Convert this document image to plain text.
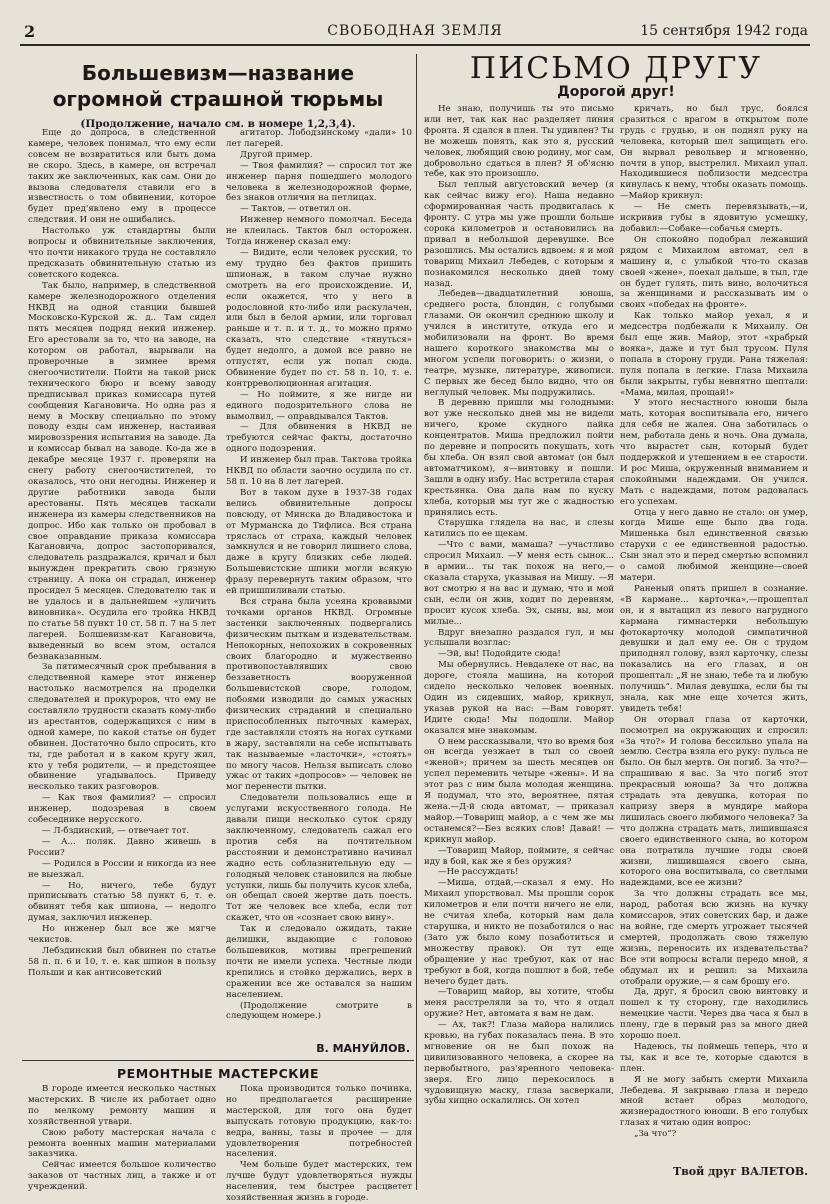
2	СВОБОДНАЯ ЗЕМЛЯ	15 сентября 1942 года
Большевизм—название огромной страшной тюрьмы
(Продолжение, начало см. в номере 1,2,3,4).

Еще до допроса, в следственной камере, человек понимал, что ему если совсем не возвратиться или быть дома не скоро. Здесь, в камере, он встречал таких же заключенных, как сам. Они до вызова следователя ставили его в известность о том обвинении, которое будет пред'явлено ему в процессе следствия. И они не ошибались.

Настолько уж стандартны были вопросы и обвинительные заключения, что почти никакого труда не составляло предсказать обвинительную статью из советского кодекса.

Так было, например, в следственной камере железнодорожного отделения НКВД на одной станции бывшей Московско-Курской ж. д.. Там сидел пять месяцев подряд некий инженер. Его арестовали за то, что на заводе, на котором он работал, вырывали на проверочные в зимнее время снегоочистители. Пойти на такой риск технического бюро и всему заводу предписывал приказ комиссара путей сообщения Кагановича. Но одна раз я нему в Москву специально по этому поводу езды сам инженер, настаивая мировоззрения испытания на заводе. Да и комиссар бывал на заводе. Ко-да же в декабре месяце 1937 г. проверяли на снегу работу снегоочистителей, то оказалось, что они негодны. Инженер и другие работники завода были арестованы. Пять месяцев таскали инженера из камеры следственников на допрос. Ибо как только он пробовал в свое оправдание приказа комиссара Кагановича, допрос застопоривался, следователь раздражался, кричал и был вынужден прекратить свою грязную страницу. А пока он страдал, инженер просидел 5 месяцев. Следователю так и не удалось и в дальнейшем «уличить виновника». Осудила его тройка НКВД по статье 58 пункт 10 ст. 58 п. 7 на 5 лет лагерей. Болшевизм-кат Кагановича, выведенный во всем этом, остался безнаказанным.

За пятимесячный срок пребывания в следственной камере этот инженер настолько насмотрелся на проделки следователей и прокуроров, что ему не составляло трудности сказать кому-либо из арестантов, содержащихся с ним в одной камере, по какой статье он будет обвинен. Достаточно было спросить, кто ты, где работал и в каком кругу жил, кто у тебя родители, — и предстоящее обвинение угадывалось. Приведу несколько таких разговоров.

— Как твоя фамилия? — спросил инженер, подозревая в своем собеседнике нерусского.

— Л-бздинский, — отвечает тот.

— А... поляк. Давно живешь в России?

— Родился в России и никогда из нее не выезжал.

— Но, ничего, тебе будут приписывать статью 58 пункт 6, т. е. обвинят тебя как шпиона, — недолго думая, заключил инженер.

Но инженер был все же мягче чекистов.

Лебздинский был обвинен по статье 58 п. п. 6 и 10, т. е. как шпион в пользу Польши и как антисоветский

агитатор. Лободзинскому «дали» 10 лет лагерей.

Другой пример.

— Твоя фамилия? — спросил тот же инженер парня пошедшего молодого человека в железнодорожной форме, без знаков отличия на петлицах.

— Тактов, — ответил он.

Инженер немного помолчал. Беседа не клеилась. Тактов был осторожен. Тогда инженер сказал ему:

— Видите, если человек русский, то ему трудно без фактов пришить шпионаж, в таком случае нужно смотреть на его происхождение. И, если окажется, что у него в родословной кто-либо или раскулачен, или был в белой армии, или торговал раньше и т. п. и т. д., то можно прямо сказать, что следствие «тянуться» будет недолго, а домой все равно не отпустят, если уж попал сюда. Обвинение будет по ст. 58 п. 10, т. е. контрреволюционная агитация.

— Но поймите, я же нигде ни единого подозрительного слова не вымолвил, — оправдывался Тактов.

— Для обвинения в НКВД не требуются сейчас факты, достаточно одного подозрения.

И инженер был прав. Тактова тройка НКВД по области заочно осудила по ст. 58 п. 10 на 8 лет лагерей.

Вот в таком духе в 1937-38 годах велись обвинительные допросы повсюду, от Минска до Владивостока и от Мурманска до Тифлиса. Вся страна тряслась от страха, каждый человек замкнулся и не говорил лишнего слова, даже в кругу близких себе людей. Большевистские шпики могли всякую фразу перевернуть таким образом, что ей пришпиливали статью.

Вся страна была усеяна кровавыми точками органов НКВД. Огромные застенки заключенных подвергались физическим пыткам и издевательствам. Непокорных, непохожих в сокровенных своих благородно и мужественно противопоставлявших свою беззаветность вооруженной большевистской своре, голодом, побоями изводили до самых ужасных физических страданий и специально приспособленных пыточных камерах, где заставляли стоять на ногах сутками в жару, заставляли на себе испытывать так называемые «ласточки», «стоять» по многу часов. Нельзя выписать слово ужас от таких «допросов» — человек не мог перенести пытки.

Следователи пользовались еще и услугами искусственного голода. Не давали пищи несколько суток сряду заключенному, следователь сажал его против себя на почтительном расстоянии и демонстративно начинал жадно есть соблазнительную еду — голодный человек становился на любые уступки, лишь бы получить кусок хлеба, он обещал своей жертве дать поесть. Тот же человек все хлеба, если тот скажет, что он «сознает свою вину».

Так и следовало ожидать, такие делишки, выдающие с головою большевиков, мотивы прегрешений почти не имели успеха. Честные люди крепились и стойко держались, верх в сражении все же оставался за нашим населением.

(Продолжение смотрите в следующем номере.)

В. МАНУЙЛОВ.
РЕМОНТНЫЕ МАСТЕРСКИЕ

В городе имеется несколько частных мастерских. В числе их работает одно по мелкому ремонту машин и хозяйственной утвари.

Свою работу мастерская начала с ремонта военных машин материалами заказчика.

Сейчас имеется большое количество заказов от частных лиц, а также и от учреждений.

Пока производится только починка, но предполагается расширение мастерской, для того она будет выпускать готовую продукцию, как-то: ведра, ванны, тазы и прочее — для удовлетворения потребностей населения.

Чем больше будет мастерских, тем лучше будут удовлетворяться нужды населения, тем быстрее расцветет хозяйственная жизнь в городе.

ПИСЬМО ДРУГУ
Дорогой друг!

Не знаю, получишь ты это письмо или нет, так как нас разделяет линия фронта. Я сдался в плен. Ты удивлен? Ты не можешь понять, как это я, русский человек, любящий свою родину, мог сам, добровольно сдаться в плен? Я об'ясню тебе, как это произошло.

Был теплый августовский вечер (я как сейчас вижу его). Наша недавно сформированная часть продвигалась к фронту. С утра мы уже прошли больше сорока километров и остановились на привал в небольшой деревушке. Все разошлись. Мы остались вдвоем: я и мой товарищ Михаил Лебедев, с которым я познакомился несколько дней тому назад.

Лебедев—двадцатилетний юноша, среднего роста, блондин, с голубыми глазами. Он окончил среднюю школу и учился в институте, откуда его и мобилизовали на фронт. Во время нашего короткого знакомства мы о многом успели поговорить: о жизни, о театре, музыке, литературе, живописи. С первых же бесед было видно, что он неглупый человек. Мы подружились.

В деревню пришли мы голодными: вот уже несколько дней мы не видели ничего, кроме скудного пайка концентратов. Миша предложил пойти по деревне и попросить покушать, хоть бы хлеба. Он взял свой автомат (он был автоматчиком), я—винтовку и пошли. Зашли в одну избу. Нас встретила старая крестьянка. Она дала нам по куску хлеба, который мы тут же с жадностью принялись есть.

Старушка глядела на нас, и слезы катились по ее щекам.

—Что с вами, мамаша? —участливо спросил Михаил. —У меня есть сынок... в армии... ты так похож на него,—сказала старуха, указывая на Мишу. —Я вот смотрю я на вас и думаю, что и мой сын, если он жив, ходит по деревням, просит кусок хлеба. Эх, сыны, вы, мои милые...

Вдруг внезапно раздался гул, и мы услышали возглас:

—Эй, вы! Подойдите сюда!

Мы обернулись. Невдалеке от нас, на дороге, стояла машина, на которой сидело несколько человек военных. Один из сидевших, майор, крикнул, указав рукой на нас: —Вам говорят. Идите сюда! Мы подошли. Майор оказался мне знакомым.

О нем рассказывали, что во время боя он всегда уезжает в тыл со своей «женой»; причем за шесть месяцев он успел переменить четыре «жены». И на этот раз с ним была молодая женщина. Я подумал, что это, вероятнее, пятая жена.—Д-й сюда автомат, — приказал майор.—Товарищ майор, а с чем же мы останемся?—Без всяких слов! Давай! —крикнул майор.

—Товарищ Майор, поймите, я сейчас иду в бой, как же я без оружия?

—Не рассуждать!

—Миша, отдай,—сказал я ему. Но Михаил упорствовал. Мы прошли сорок километров и ели почти ничего не ели, не считая хлеба, который нам дала старушка, и никто не позаботился о нас (Зато уж было кому позаботиться и множеству правок). Он тут еще обращение у нас требуют, как от нас требуют в бой, когда пошлют в бой, тебе нечего будет дать.

—Товарищ майор, вы хотите, чтобы меня расстреляли за то, что я отдал оружие? Нет, автомата я вам не дам.

— Ах, так?! Глаза майора налились кровью, на губах показалась пена. В это мгновение он не был похож на цивилизованного человека, а скорее на первобытного, раз'яренного чеповека-зверя. Его лицо перекосилось в чудовищную маску, глаза засверкали, зубы хищно оскалились. Он хотел

кричать, но был трус, боялся сразиться с врагом в открытом поле грудь с грудью, и он поднял руку на человека, который шел защищать его. Он вырвал револьвер и мгновенно, почти в упор, выстрелил. Михаил упал. Находившиеся поблизости медсестра кинулась к нему, чтобы оказать помощь.—Майор крикнул:

— Не сметь перевязывать,—и, искривив губы в ядовитую усмешку, добавил:—Собаке—собачья смерть.

Он спокойно подобрал лежавший рядом с Михаилом автомат, сел в машину и, с улыбкой что-то сказав своей «жене», поехал дальше, в тыл, где он будет гулять, пить вино, волочиться за женщинами и рассказывать им о своих «победах на фронте».

Как только майор уехал, я и медсестра подбежали к Михаилу. Он был еще жив. Майор, этот «храбрый вояка», даже и тут был трусом. Пуля попала в сторону груди. Рана тяжелая: пуля попала в легкие. Глаза Михаила были закрыты, губы невнятно шептали: «Мама, милая, прощай!»

У этого несчастного юноши была мать, которая воспитывала его, ничего для себя не жалея. Она заботилась о нем, работала день и ночь. Она думала, что вырастет сын, который будет поддержкой и утешением в ее старости. И рос Миша, окруженный вниманием и спокойными надеждами. Он учился. Мать с надеждами, потом радовалась его успехам.

Отца у него давно не стало: он умер, когда Мише еще было два года. Мишенька был единственной связью старухи с ее единственной радостью. Сын знал это и перед смертью вспомнил о самой любимой женщине—своей матери.

Раненый опять пришел в сознание. «В кармане... карточка»,—прошептал он, и я вытащил из левого нагрудного кармана гимнастерки небольшую фотокарточку молодой симпатичной девушки и дал ему ее. Он с трудом приподнял голову, взял карточку, слезы показались на его глазах, и он прошептал: „Я не знаю, тебе та и любую получишь“. Милая девушка, если бы ты знала, как мне еще хочется жить, увидеть тебя!

Он оторвал глаза от карточки, посмотрел на окружающих и спросил: «За что?» И голова бессильно упала на землю. Сестра взяла его руку: пульса не было. Он был мертв. Он погиб. За что?—спрашиваю я вас. За что погиб этот прекрасный юноша? За что должна страдать эта девушка, которая по капризу зверя в мундире майора лишилась своего любимого человека? За что должна страдать мать, лишившаяся своего единственного сына, во котором она потратила лучшие годы своей жизни, лишившаяся своего сына, которого она воспитывала, со светлыми надеждами, все ее жизни?

За что должны страдать все мы, народ, работая всю жизнь на кучку комиссаров, этих советских бар, и даже на войне, где смерть угрожает тысячей смертей, продолжать свою тяжелую жизнь, переносить их издевательства? Все эти вопросы встали передо мной, я обдумал их и решил: за Михаила отобрали оружие,— я сам брошу его.

Да, друг, я бросил свою винтовку и пошел к ту сторону, где находились немецкие части. Через два часа я был в плену, где в первый раз за много дней хорошо поел.

Надеюсь, ты поймешь теперь, что и ты, как и все те, которые сдаются в плен.

Я не могу забыть смерти Михаила Лебедева. Я закрываю глаза и передо мной встает образ молодого, жизнерадостного юноши. В его голубых глазах я читаю один вопрос:

„За что“?

Твой друг ВАЛЕТОВ.
